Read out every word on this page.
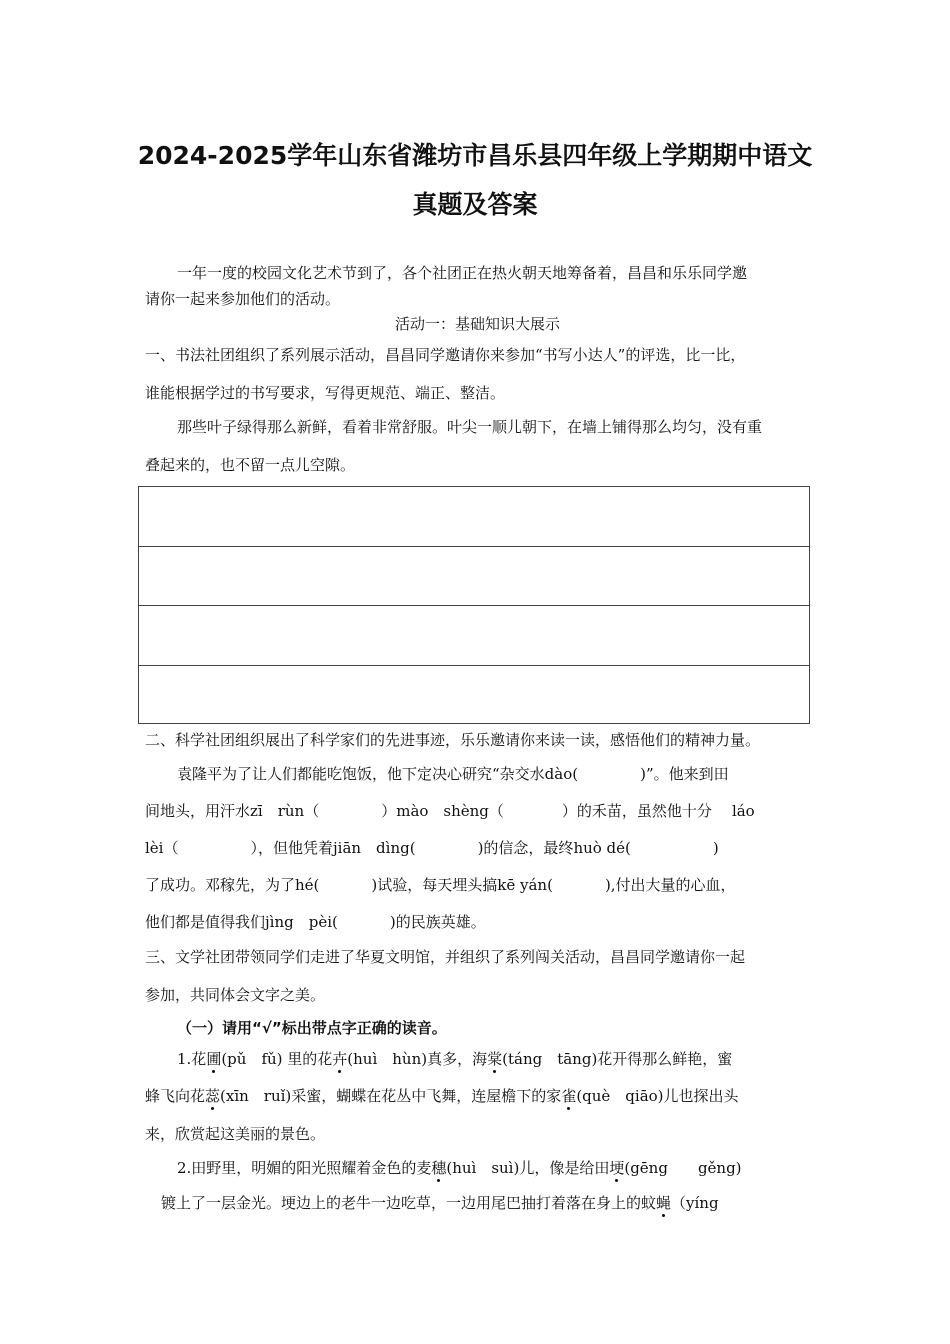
2024-2025学年山东省潍坊市昌乐县四年级上学期期中语文
真题及答案

一年一度的校园文化艺术节到了，各个社团正在热火朝天地筹备着，昌昌和乐乐同学邀

请你一起来参加他们的活动。

活动一：基础知识大展示

一、书法社团组织了系列展示活动，昌昌同学邀请你来参加“书写小达人”的评选，比一比，

谁能根据学过的书写要求，写得更规范、端正、整洁。

那些叶子绿得那么新鲜，看着非常舒服。叶尖一顺儿朝下，在墙上铺得那么均匀，没有重

叠起来的，也不留一点儿空隙。

二、科学社团组织展出了科学家们的先进事迹，乐乐邀请你来读一读，感悟他们的精神力量。

袁隆平为了让人们都能吃饱饭，他下定决心研究“杂交水dào(	)”。他来到田

间地头，用汗水zī　rùn（	）mào　shèng（	）的禾苗，虽然他十分 láo

lèi（	），但他凭着jiān　dìng(	)的信念，最终huò dé(	)

了成功。邓稼先，为了hé(	)试验，每天埋头搞kē yán(	),付出大量的心血，

他们都是值得我们jìng　pèi(	)的民族英雄。

三、文学社团带领同学们走进了华夏文明馆，并组织了系列闯关活动，昌昌同学邀请你一起

参加，共同体会文字之美。

（一）请用“√”标出带点字正确的读音。

1.花圃(pǔ　fǔ) 里的花卉(huì　hùn)真多，海棠(táng　tāng)花开得那么鲜艳，蜜

蜂飞向花蕊(xīn　ruǐ)采蜜，蝴蝶在花丛中飞舞，连屋檐下的家雀(què　qiāo)儿也探出头

来，欣赏起这美丽的景色。

2.田野里，明媚的阳光照耀着金色的麦穗(huì　suì)儿，像是给田埂(gēng　　gěng)

镀上了一层金光。埂边上的老牛一边吃草，一边用尾巴抽打着落在身上的蚊蝇（yíng
